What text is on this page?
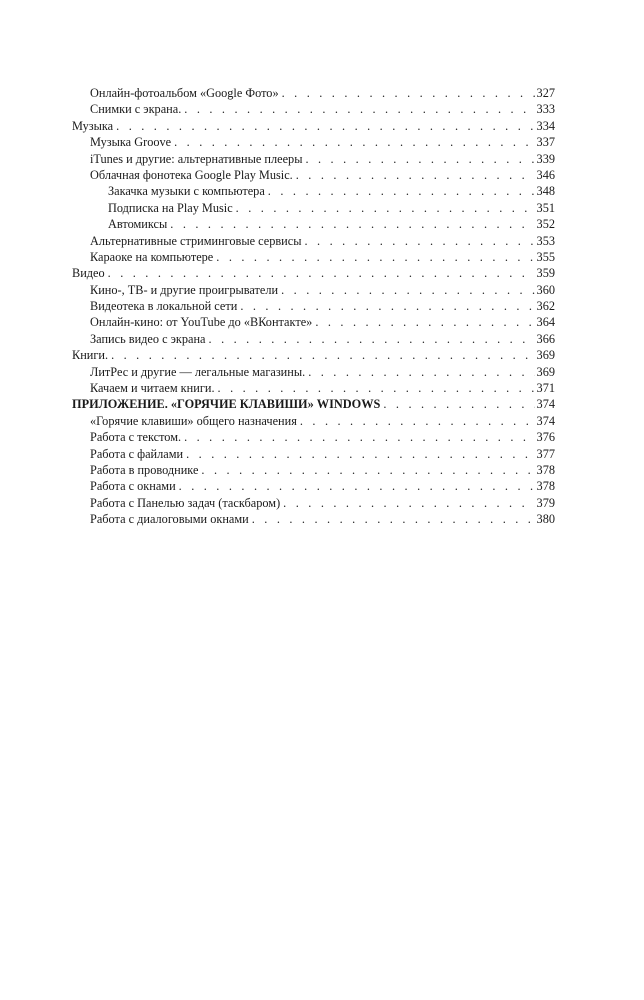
Онлайн-фотоальбом «Google Фото» . . .	327
Снимки с экрана. . . .	333
Музыка . . .	334
Музыка Groove . . .	337
iTunes и другие: альтернативные плееры . . .	339
Облачная фонотека Google Play Music. . . .	346
Закачка музыки с компьютера . . .	348
Подписка на Play Music . . .	351
Автомиксы . . .	352
Альтернативные стриминговые сервисы . . .	353
Караоке на компьютере . . .	355
Видео . . .	359
Кино-, ТВ- и другие проигрыватели . . .	360
Видеотека в локальной сети . . .	362
Онлайн-кино: от YouTube до «ВКонтакте» . . .	364
Запись видео с экрана . . .	366
Книги. . . .	369
ЛитРес и другие — легальные магазины. . . .	369
Качаем и читаем книги. . . .	371
ПРИЛОЖЕНИЕ. «ГОРЯЧИЕ КЛАВИШИ» WINDOWS . . .	374
«Горячие клавиши» общего назначения . . .	374
Работа с текстом. . . .	376
Работа с файлами . . .	377
Работа в проводнике . . .	378
Работа с окнами . . .	378
Работа с Панелью задач (таскбаром) . . .	379
Работа с диалоговыми окнами . . .	380
